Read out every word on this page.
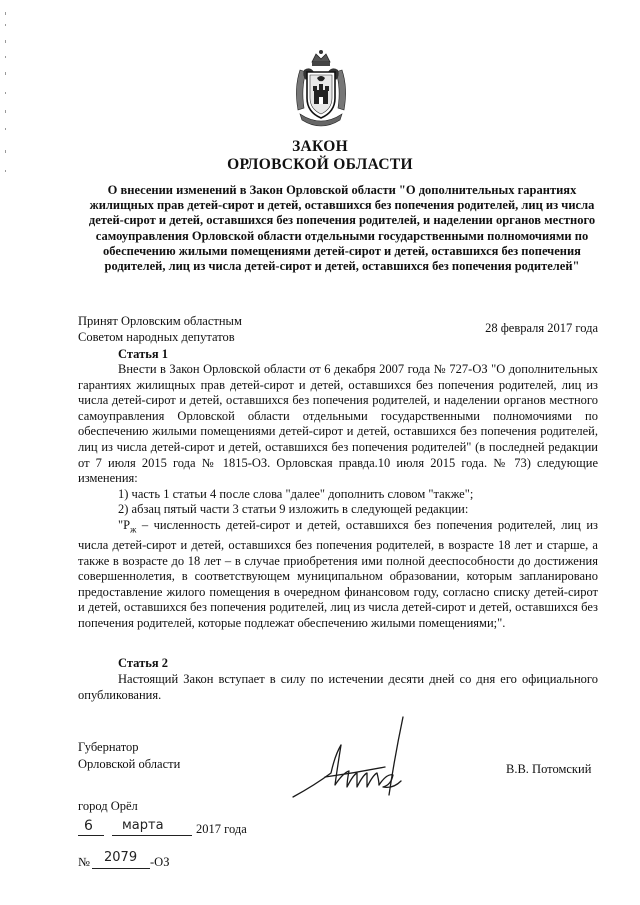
ЗАКОН
ОРЛОВСКОЙ ОБЛАСТИ
О внесении изменений в Закон Орловской области "О дополнительных гарантиях жилищных прав детей-сирот и детей, оставшихся без попечения родителей, лиц из числа детей-сирот и детей, оставшихся без попечения родителей, и наделении органов местного самоуправления Орловской области отдельными государственными полномочиями по обеспечению жилыми помещениями детей-сирот и детей, оставшихся без попечения родителей, лиц из числа детей-сирот и детей, оставшихся без попечения родителей"
Принят Орловским областным
Советом народных депутатов
28 февраля 2017 года
Статья 1

Внести в Закон Орловской области от 6 декабря 2007 года № 727-ОЗ "О дополнительных гарантиях жилищных прав детей-сирот и детей, оставшихся без попечения родителей, лиц из числа детей-сирот и детей, оставшихся без попечения родителей, и наделении органов местного самоуправления Орловской области отдельными государственными полномочиями по обеспечению жилыми помещениями детей-сирот и детей, оставшихся без попечения родителей, лиц из числа детей-сирот и детей, оставшихся без попечения родителей" (в последней редакции от 7 июля 2015 года № 1815-ОЗ. Орловская правда.10 июля 2015 года. № 73) следующие изменения:

1) часть 1 статьи 4 после слова "далее" дополнить словом "также";

2) абзац пятый части 3 статьи 9 изложить в следующей редакции:

"$Р_ж$ – численность детей-сирот и детей, оставшихся без попечения родителей, лиц из числа детей-сирот и детей, оставшихся без попечения родителей, в возрасте 18 лет и старше, а также в возрасте до 18 лет – в случае приобретения ими полной дееспособности до достижения совершеннолетия, в соответствующем муниципальном образовании, которым запланировано предоставление жилого помещения в очередном финансовом году, согласно списку детей-сирот и детей, оставшихся без попечения родителей, лиц из числа детей-сирот и детей, оставшихся без попечения родителей, которые подлежат обеспечению жилыми помещениями;".

Статья 2

Настоящий Закон вступает в силу по истечении десяти дней со дня его официального опубликования.

Губернатор
Орловской области	В.В. Потомский
город Орёл
6 марта	2017 года
№ 2079 -ОЗ
